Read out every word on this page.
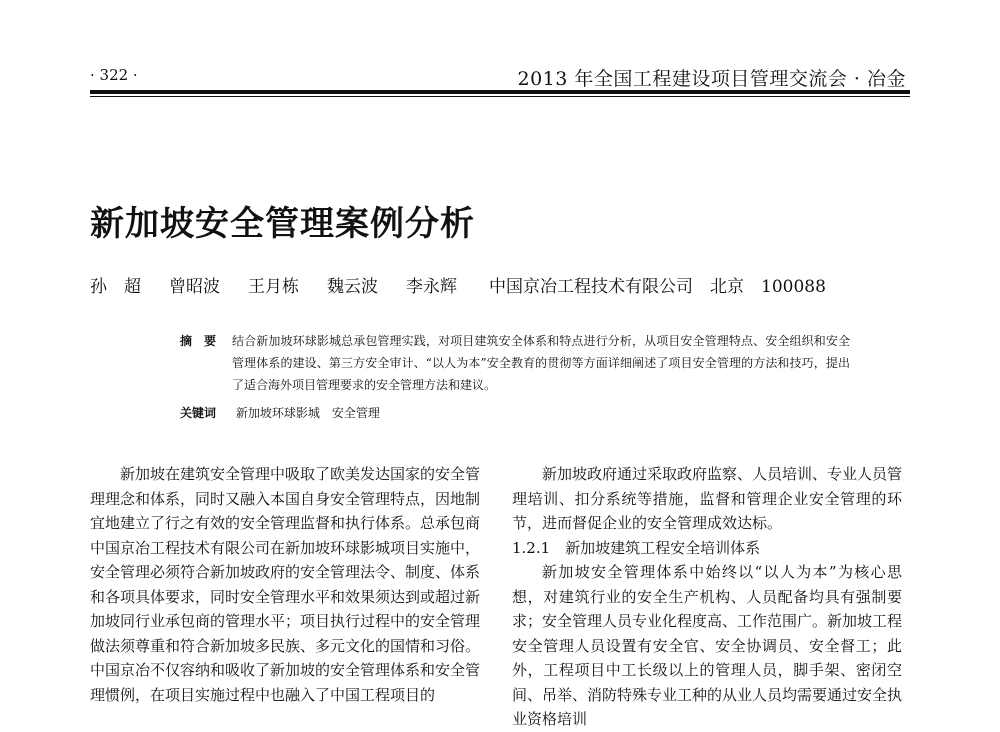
· 322 ·	2013 年全国工程建设项目管理交流会 · 冶金
新加坡安全管理案例分析
孙　超 曾昭波 王月栋 魏云波 李永辉 中国京冶工程技术有限公司　北京　100088
摘　要	结合新加坡环球影城总承包管理实践，对项目建筑安全体系和特点进行分析，从项目安全管理特点、安全组织和安全管理体系的建设、第三方安全审计、“以人为本”安全教育的贯彻等方面详细阐述了项目安全管理的方法和技巧，提出了适合海外项目管理要求的安全管理方法和建议。
关键词 新加坡环球影城　安全管理

新加坡在建筑安全管理中吸取了欧美发达国家的安全管理理念和体系，同时又融入本国自身安全管理特点，因地制宜地建立了行之有效的安全管理监督和执行体系。总承包商中国京冶工程技术有限公司在新加坡环球影城项目实施中，安全管理必须符合新加坡政府的安全管理法令、制度、体系和各项具体要求，同时安全管理水平和效果须达到或超过新加坡同行业承包商的管理水平；项目执行过程中的安全管理做法须尊重和符合新加坡多民族、多元文化的国情和习俗。中国京冶不仅容纳和吸收了新加坡的安全管理体系和安全管理惯例，在项目实施过程中也融入了中国工程项目的

新加坡政府通过采取政府监察、人员培训、专业人员管理培训、扣分系统等措施，监督和管理企业安全管理的环节，进而督促企业的安全管理成效达标。

1.2.1　新加坡建筑工程安全培训体系

新加坡安全管理体系中始终以“以人为本”为核心思想，对建筑行业的安全生产机构、人员配备均具有强制要求；安全管理人员专业化程度高、工作范围广。新加坡工程安全管理人员设置有安全官、安全协调员、安全督工；此外，工程项目中工长级以上的管理人员，脚手架、密闭空间、吊举、消防特殊专业工种的从业人员均需要通过安全执业资格培训
